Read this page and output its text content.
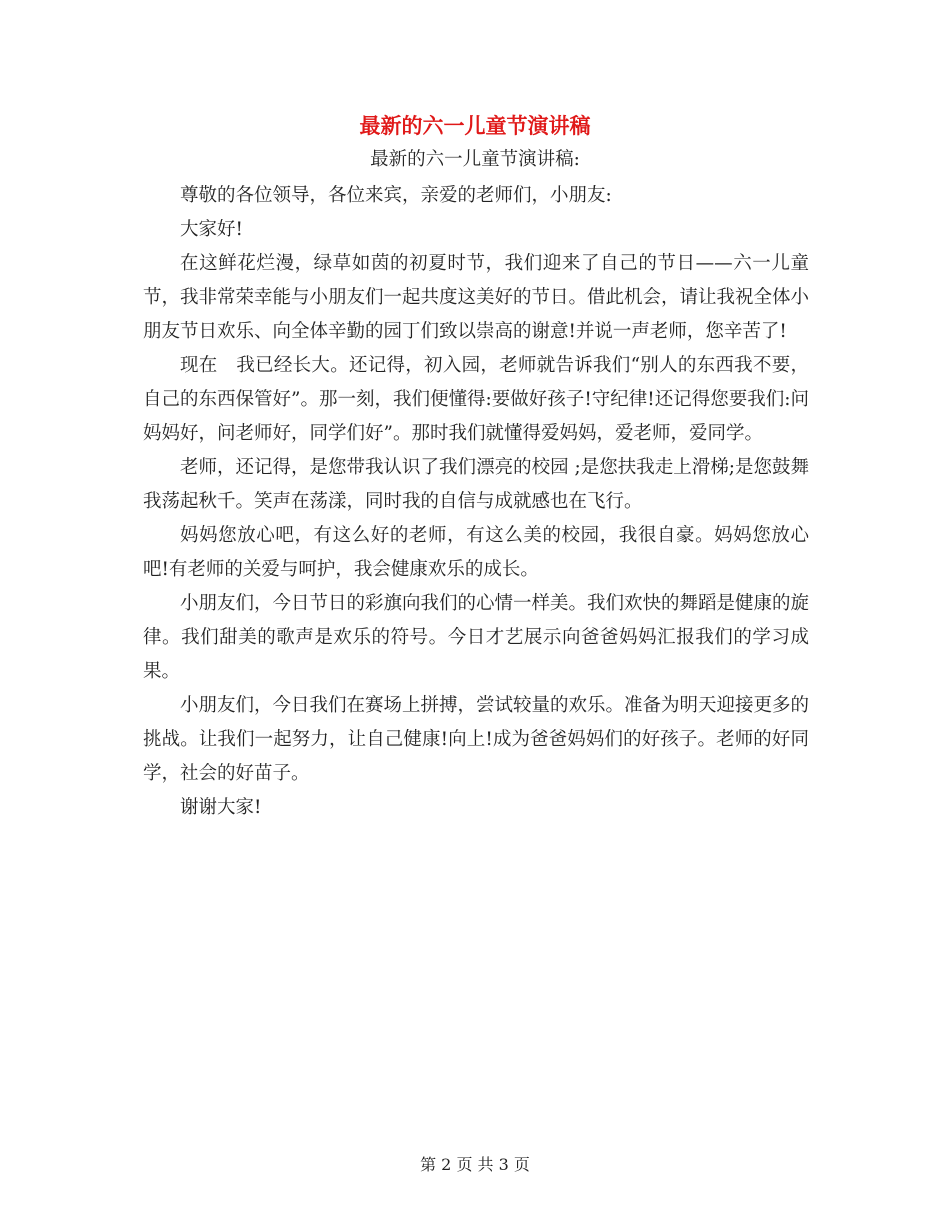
最新的六一儿童节演讲稿

最新的六一儿童节演讲稿:

尊敬的各位领导，各位来宾，亲爱的老师们，小朋友:

大家好!

在这鲜花烂漫，绿草如茵的初夏时节，我们迎来了自己的节日——六一儿童节，我非常荣幸能与小朋友们一起共度这美好的节日。借此机会，请让我祝全体小朋友节日欢乐、向全体辛勤的园丁们致以崇高的谢意!并说一声老师，您辛苦了!

现在　我已经长大。还记得，初入园，老师就告诉我们“别人的东西我不要，自己的东西保管好”。那一刻，我们便懂得:要做好孩子!守纪律!还记得您要我们:问妈妈好，问老师好，同学们好”。那时我们就懂得爱妈妈，爱老师，爱同学。

老师，还记得，是您带我认识了我们漂亮的校园 ;是您扶我走上滑梯;是您鼓舞我荡起秋千。笑声在荡漾，同时我的自信与成就感也在飞行。

妈妈您放心吧，有这么好的老师，有这么美的校园，我很自豪。妈妈您放心吧!有老师的关爱与呵护，我会健康欢乐的成长。

小朋友们，今日节日的彩旗向我们的心情一样美。我们欢快的舞蹈是健康的旋律。我们甜美的歌声是欢乐的符号。今日才艺展示向爸爸妈妈汇报我们的学习成果。

小朋友们，今日我们在赛场上拼搏，尝试较量的欢乐。准备为明天迎接更多的挑战。让我们一起努力，让自己健康!向上!成为爸爸妈妈们的好孩子。老师的好同学，社会的好苗子。

谢谢大家!

第 2 页 共 3 页
